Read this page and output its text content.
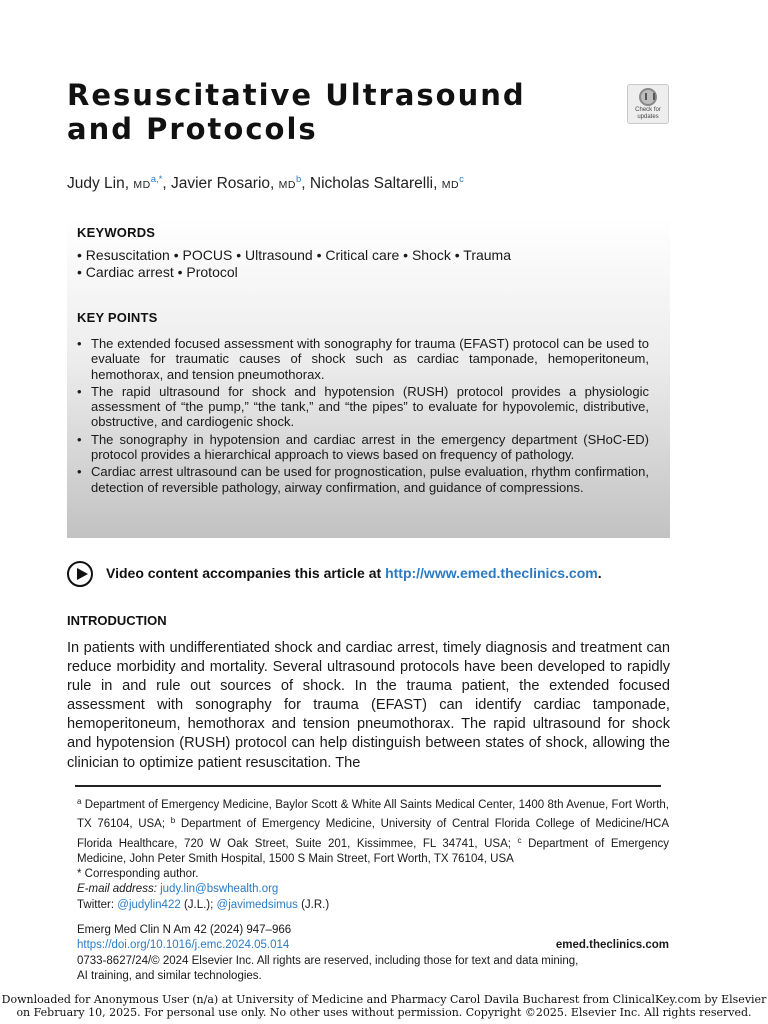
Resuscitative Ultrasound
and Protocols
Check for
updates
Judy Lin, $MD^{a,*}$, Javier Rosario, $MD^b$, Nicholas Saltarelli, $MD^c$
KEYWORDS
• Resuscitation • POCUS • Ultrasound • Critical care • Shock • Trauma
• Cardiac arrest • Protocol
KEY POINTS
• The extended focused assessment with sonography for trauma (EFAST) protocol can be used to evaluate for traumatic causes of shock such as cardiac tamponade, hemoperitoneum, hemothorax, and tension pneumothorax.
• The rapid ultrasound for shock and hypotension (RUSH) protocol provides a physiologic assessment of “the pump,” “the tank,” and “the pipes” to evaluate for hypovolemic, distributive, obstructive, and cardiogenic shock.
• The sonography in hypotension and cardiac arrest in the emergency department (SHoC-ED) protocol provides a hierarchical approach to views based on frequency of pathology.
• Cardiac arrest ultrasound can be used for prognostication, pulse evaluation, rhythm confirmation, detection of reversible pathology, airway confirmation, and guidance of compressions.
Video content accompanies this article at http://www.emed.theclinics.com.
INTRODUCTION

In patients with undifferentiated shock and cardiac arrest, timely diagnosis and treatment can reduce morbidity and mortality. Several ultrasound protocols have been developed to rapidly rule in and rule out sources of shock. In the trauma patient, the extended focused assessment with sonography for trauma (EFAST) can identify cardiac tamponade, hemoperitoneum, hemothorax and tension pneumothorax. The rapid ultrasound for shock and hypotension (RUSH) protocol can help distinguish between states of shock, allowing the clinician to optimize patient resuscitation. The

$^a$ Department of Emergency Medicine, Baylor Scott & White All Saints Medical Center, 1400 8th Avenue, Fort Worth, TX 76104, USA; $^b$ Department of Emergency Medicine, University of Central Florida College of Medicine/HCA Florida Healthcare, 720 W Oak Street, Suite 201, Kissimmee, FL 34741, USA; $^c$ Department of Emergency Medicine, John Peter Smith Hospital, 1500 S Main Street, Fort Worth, TX 76104, USA
* Corresponding author.
E-mail address: judy.lin@bswhealth.org
Twitter: @judylin422 (J.L.); @javimedsimus (J.R.)
Emerg Med Clin N Am 42 (2024) 947–966
https://doi.org/10.1016/j.emc.2024.05.014	emed.theclinics.com
0733-8627/24/© 2024 Elsevier Inc. All rights are reserved, including those for text and data mining,
AI training, and similar technologies.
Downloaded for Anonymous User (n/a) at University of Medicine and Pharmacy Carol Davila Bucharest from ClinicalKey.com by Elsevier
on February 10, 2025. For personal use only. No other uses without permission. Copyright ©2025. Elsevier Inc. All rights reserved.
